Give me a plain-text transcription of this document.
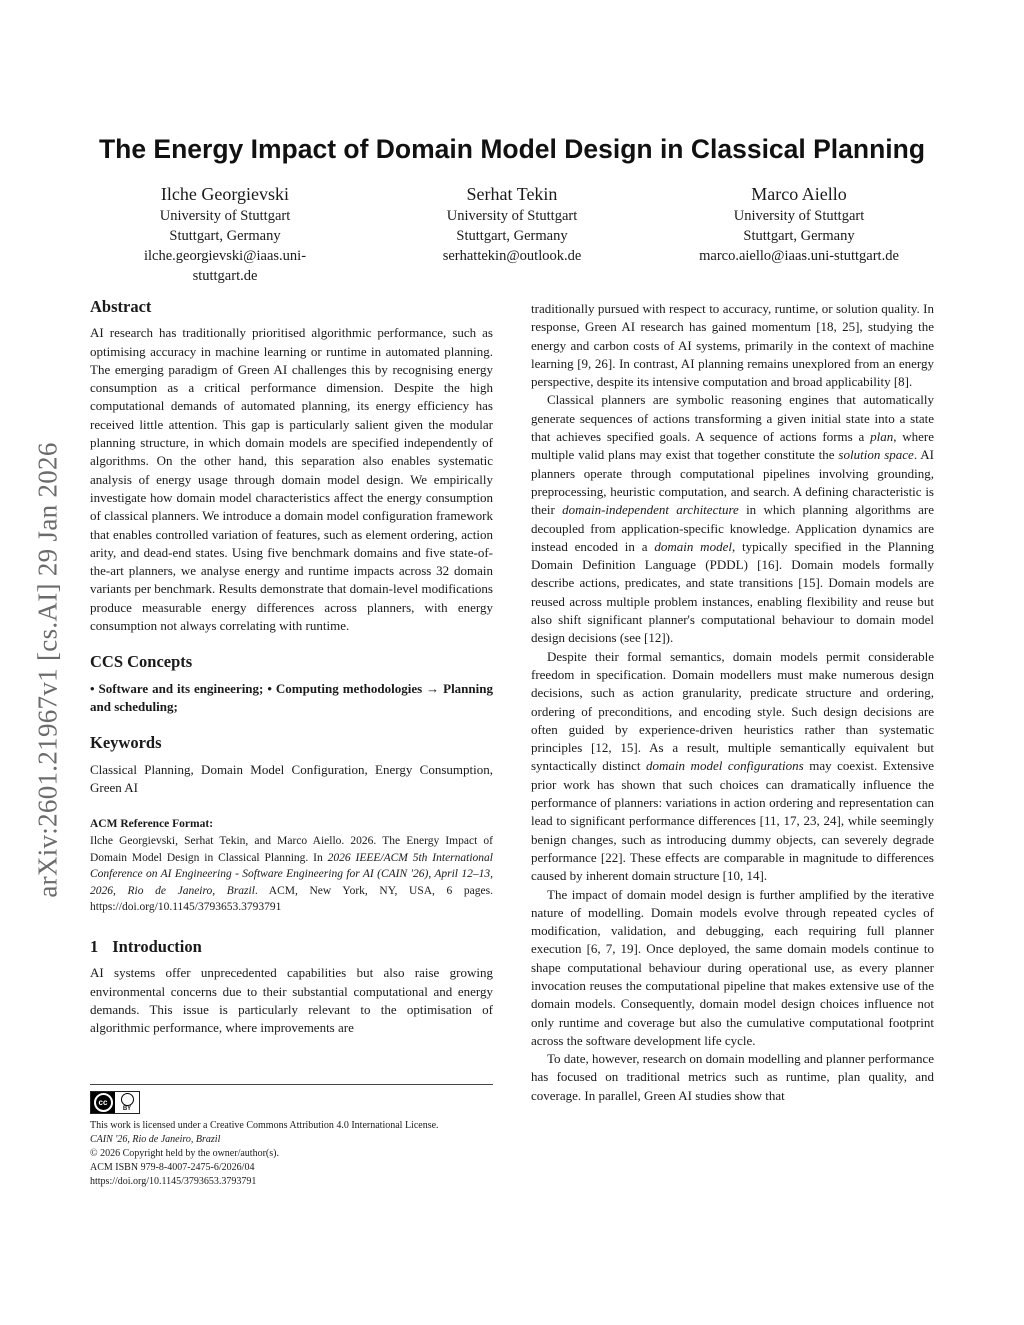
arXiv:2601.21967v1 [cs.AI] 29 Jan 2026
The Energy Impact of Domain Model Design in Classical Planning
Ilche Georgievski
University of Stuttgart
Stuttgart, Germany
ilche.georgievski@iaas.uni-
stuttgart.de
Serhat Tekin
University of Stuttgart
Stuttgart, Germany
serhattekin@outlook.de
Marco Aiello
University of Stuttgart
Stuttgart, Germany
marco.aiello@iaas.uni-stuttgart.de
Abstract

AI research has traditionally prioritised algorithmic performance, such as optimising accuracy in machine learning or runtime in automated planning. The emerging paradigm of Green AI challenges this by recognising energy consumption as a critical performance dimension. Despite the high computational demands of automated planning, its energy efficiency has received little attention. This gap is particularly salient given the modular planning structure, in which domain models are specified independently of algorithms. On the other hand, this separation also enables systematic analysis of energy usage through domain model design. We empirically investigate how domain model characteristics affect the energy consumption of classical planners. We introduce a domain model configuration framework that enables controlled variation of features, such as element ordering, action arity, and dead-end states. Using five benchmark domains and five state-of-the-art planners, we analyse energy and runtime impacts across 32 domain variants per benchmark. Results demonstrate that domain-level modifications produce measurable energy differences across planners, with energy consumption not always correlating with runtime.

CCS Concepts

• Software and its engineering; • Computing methodologies → Planning and scheduling;

Keywords

Classical Planning, Domain Model Configuration, Energy Consumption, Green AI

ACM Reference Format:

Ilche Georgievski, Serhat Tekin, and Marco Aiello. 2026. The Energy Impact of Domain Model Design in Classical Planning. In 2026 IEEE/ACM 5th International Conference on AI Engineering - Software Engineering for AI (CAIN '26), April 12–13, 2026, Rio de Janeiro, Brazil. ACM, New York, NY, USA, 6 pages. https://doi.org/10.1145/3793653.3793791

1 Introduction

AI systems offer unprecedented capabilities but also raise growing environmental concerns due to their substantial computational and energy demands. This issue is particularly relevant to the optimisation of algorithmic performance, where improvements are

cc
BY
This work is licensed under a Creative Commons Attribution 4.0 International License.
CAIN '26, Rio de Janeiro, Brazil
© 2026 Copyright held by the owner/author(s).
ACM ISBN 979-8-4007-2475-6/2026/04
https://doi.org/10.1145/3793653.3793791

traditionally pursued with respect to accuracy, runtime, or solution quality. In response, Green AI research has gained momentum [18, 25], studying the energy and carbon costs of AI systems, primarily in the context of machine learning [9, 26]. In contrast, AI planning remains unexplored from an energy perspective, despite its intensive computation and broad applicability [8].

Classical planners are symbolic reasoning engines that automatically generate sequences of actions transforming a given initial state into a state that achieves specified goals. A sequence of actions forms a plan, where multiple valid plans may exist that together constitute the solution space. AI planners operate through computational pipelines involving grounding, preprocessing, heuristic computation, and search. A defining characteristic is their domain-independent architecture in which planning algorithms are decoupled from application-specific knowledge. Application dynamics are instead encoded in a domain model, typically specified in the Planning Domain Definition Language (PDDL) [16]. Domain models formally describe actions, predicates, and state transitions [15]. Domain models are reused across multiple problem instances, enabling flexibility and reuse but also shift significant planner's computational behaviour to domain model design decisions (see [12]).

Despite their formal semantics, domain models permit considerable freedom in specification. Domain modellers must make numerous design decisions, such as action granularity, predicate structure and ordering, ordering of preconditions, and encoding style. Such design decisions are often guided by experience-driven heuristics rather than systematic principles [12, 15]. As a result, multiple semantically equivalent but syntactically distinct domain model configurations may coexist. Extensive prior work has shown that such choices can dramatically influence the performance of planners: variations in action ordering and representation can lead to significant performance differences [11, 17, 23, 24], while seemingly benign changes, such as introducing dummy objects, can severely degrade performance [22]. These effects are comparable in magnitude to differences caused by inherent domain structure [10, 14].

The impact of domain model design is further amplified by the iterative nature of modelling. Domain models evolve through repeated cycles of modification, validation, and debugging, each requiring full planner execution [6, 7, 19]. Once deployed, the same domain models continue to shape computational behaviour during operational use, as every planner invocation reuses the computational pipeline that makes extensive use of the domain models. Consequently, domain model design choices influence not only runtime and coverage but also the cumulative computational footprint across the software development life cycle.

To date, however, research on domain modelling and planner performance has focused on traditional metrics such as runtime, plan quality, and coverage. In parallel, Green AI studies show that
